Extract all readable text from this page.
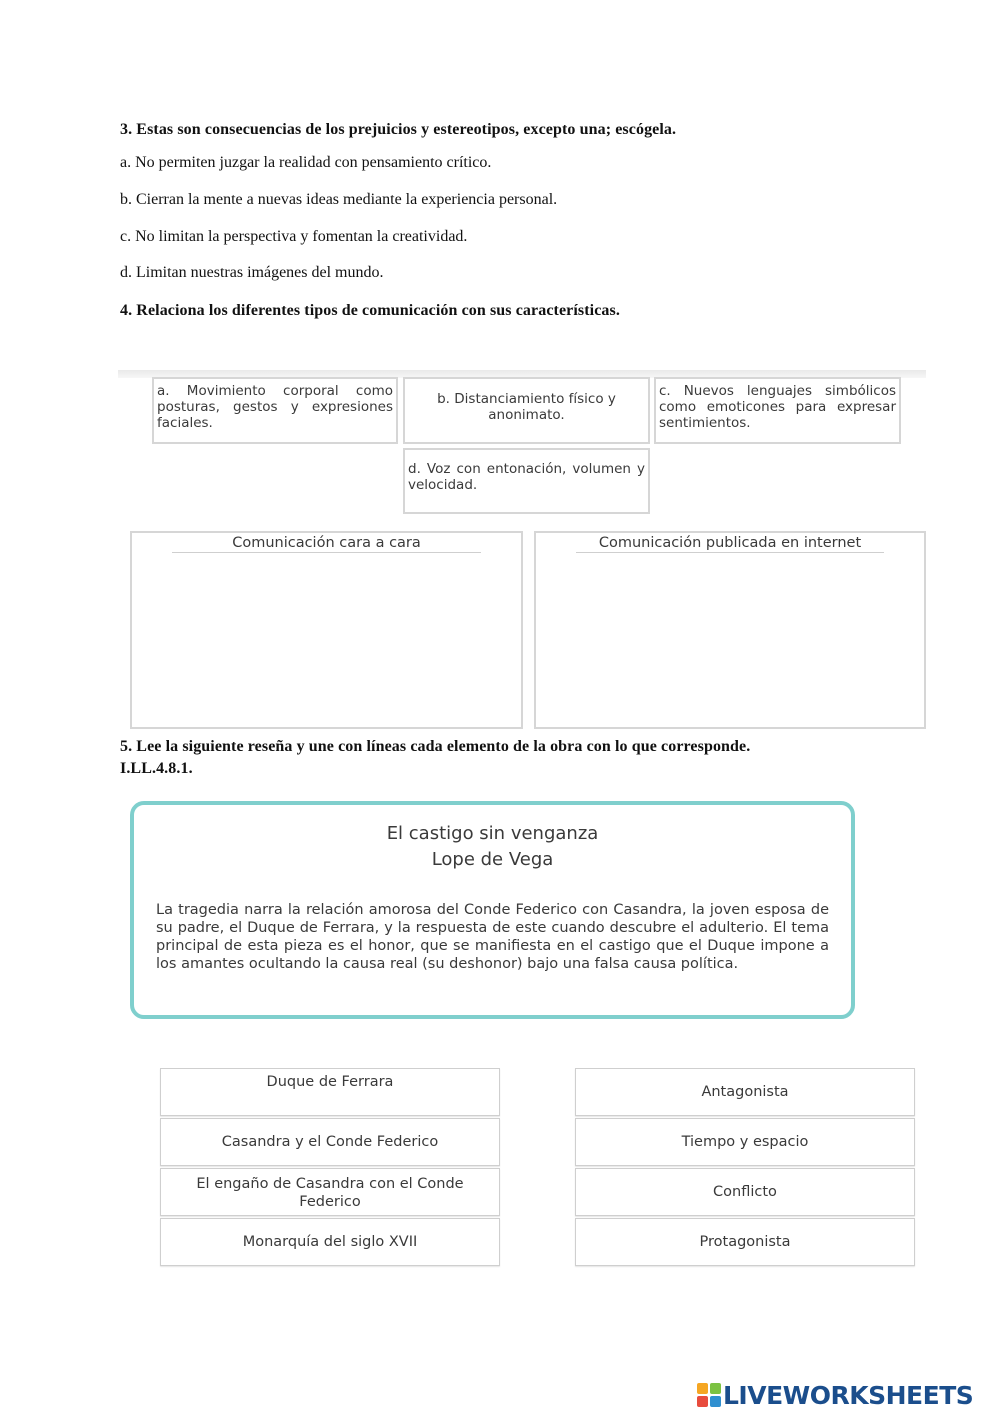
3. Estas son consecuencias de los prejuicios y estereotipos, excepto una; escógela.
a. No permiten juzgar la realidad con pensamiento crítico.
b. Cierran la mente a nuevas ideas mediante la experiencia personal.
c. No limitan la perspectiva y fomentan la creatividad.
d. Limitan nuestras imágenes del mundo.
4. Relaciona los diferentes tipos de comunicación con sus características.
a. Movimiento corporal como posturas, gestos y expresiones faciales.
b. Distanciamiento físico y anonimato.
c. Nuevos lenguajes simbólicos como emoticones para expresar sentimientos.
d. Voz con entonación, volumen y velocidad.
Comunicación cara a cara	Comunicación publicada en internet
5. Lee la siguiente reseña y une con líneas cada elemento de la obra con lo que corresponde.
I.LL.4.8.1.
El castigo sin venganza
Lope de Vega
La tragedia narra la relación amorosa del Conde Federico con Casandra, la joven esposa de su padre, el Duque de Ferrara, y la respuesta de este cuando descubre el adulterio. El tema principal de esta pieza es el honor, que se manifiesta en el castigo que el Duque impone a los amantes ocultando la causa real (su deshonor) bajo una falsa causa política.
Duque de Ferrara
Casandra y el Conde Federico
El engaño de Casandra con el Conde Federico
Monarquía del siglo XVII
Antagonista
Tiempo y espacio
Conflicto
Protagonista
LIVEWORKSHEETS
